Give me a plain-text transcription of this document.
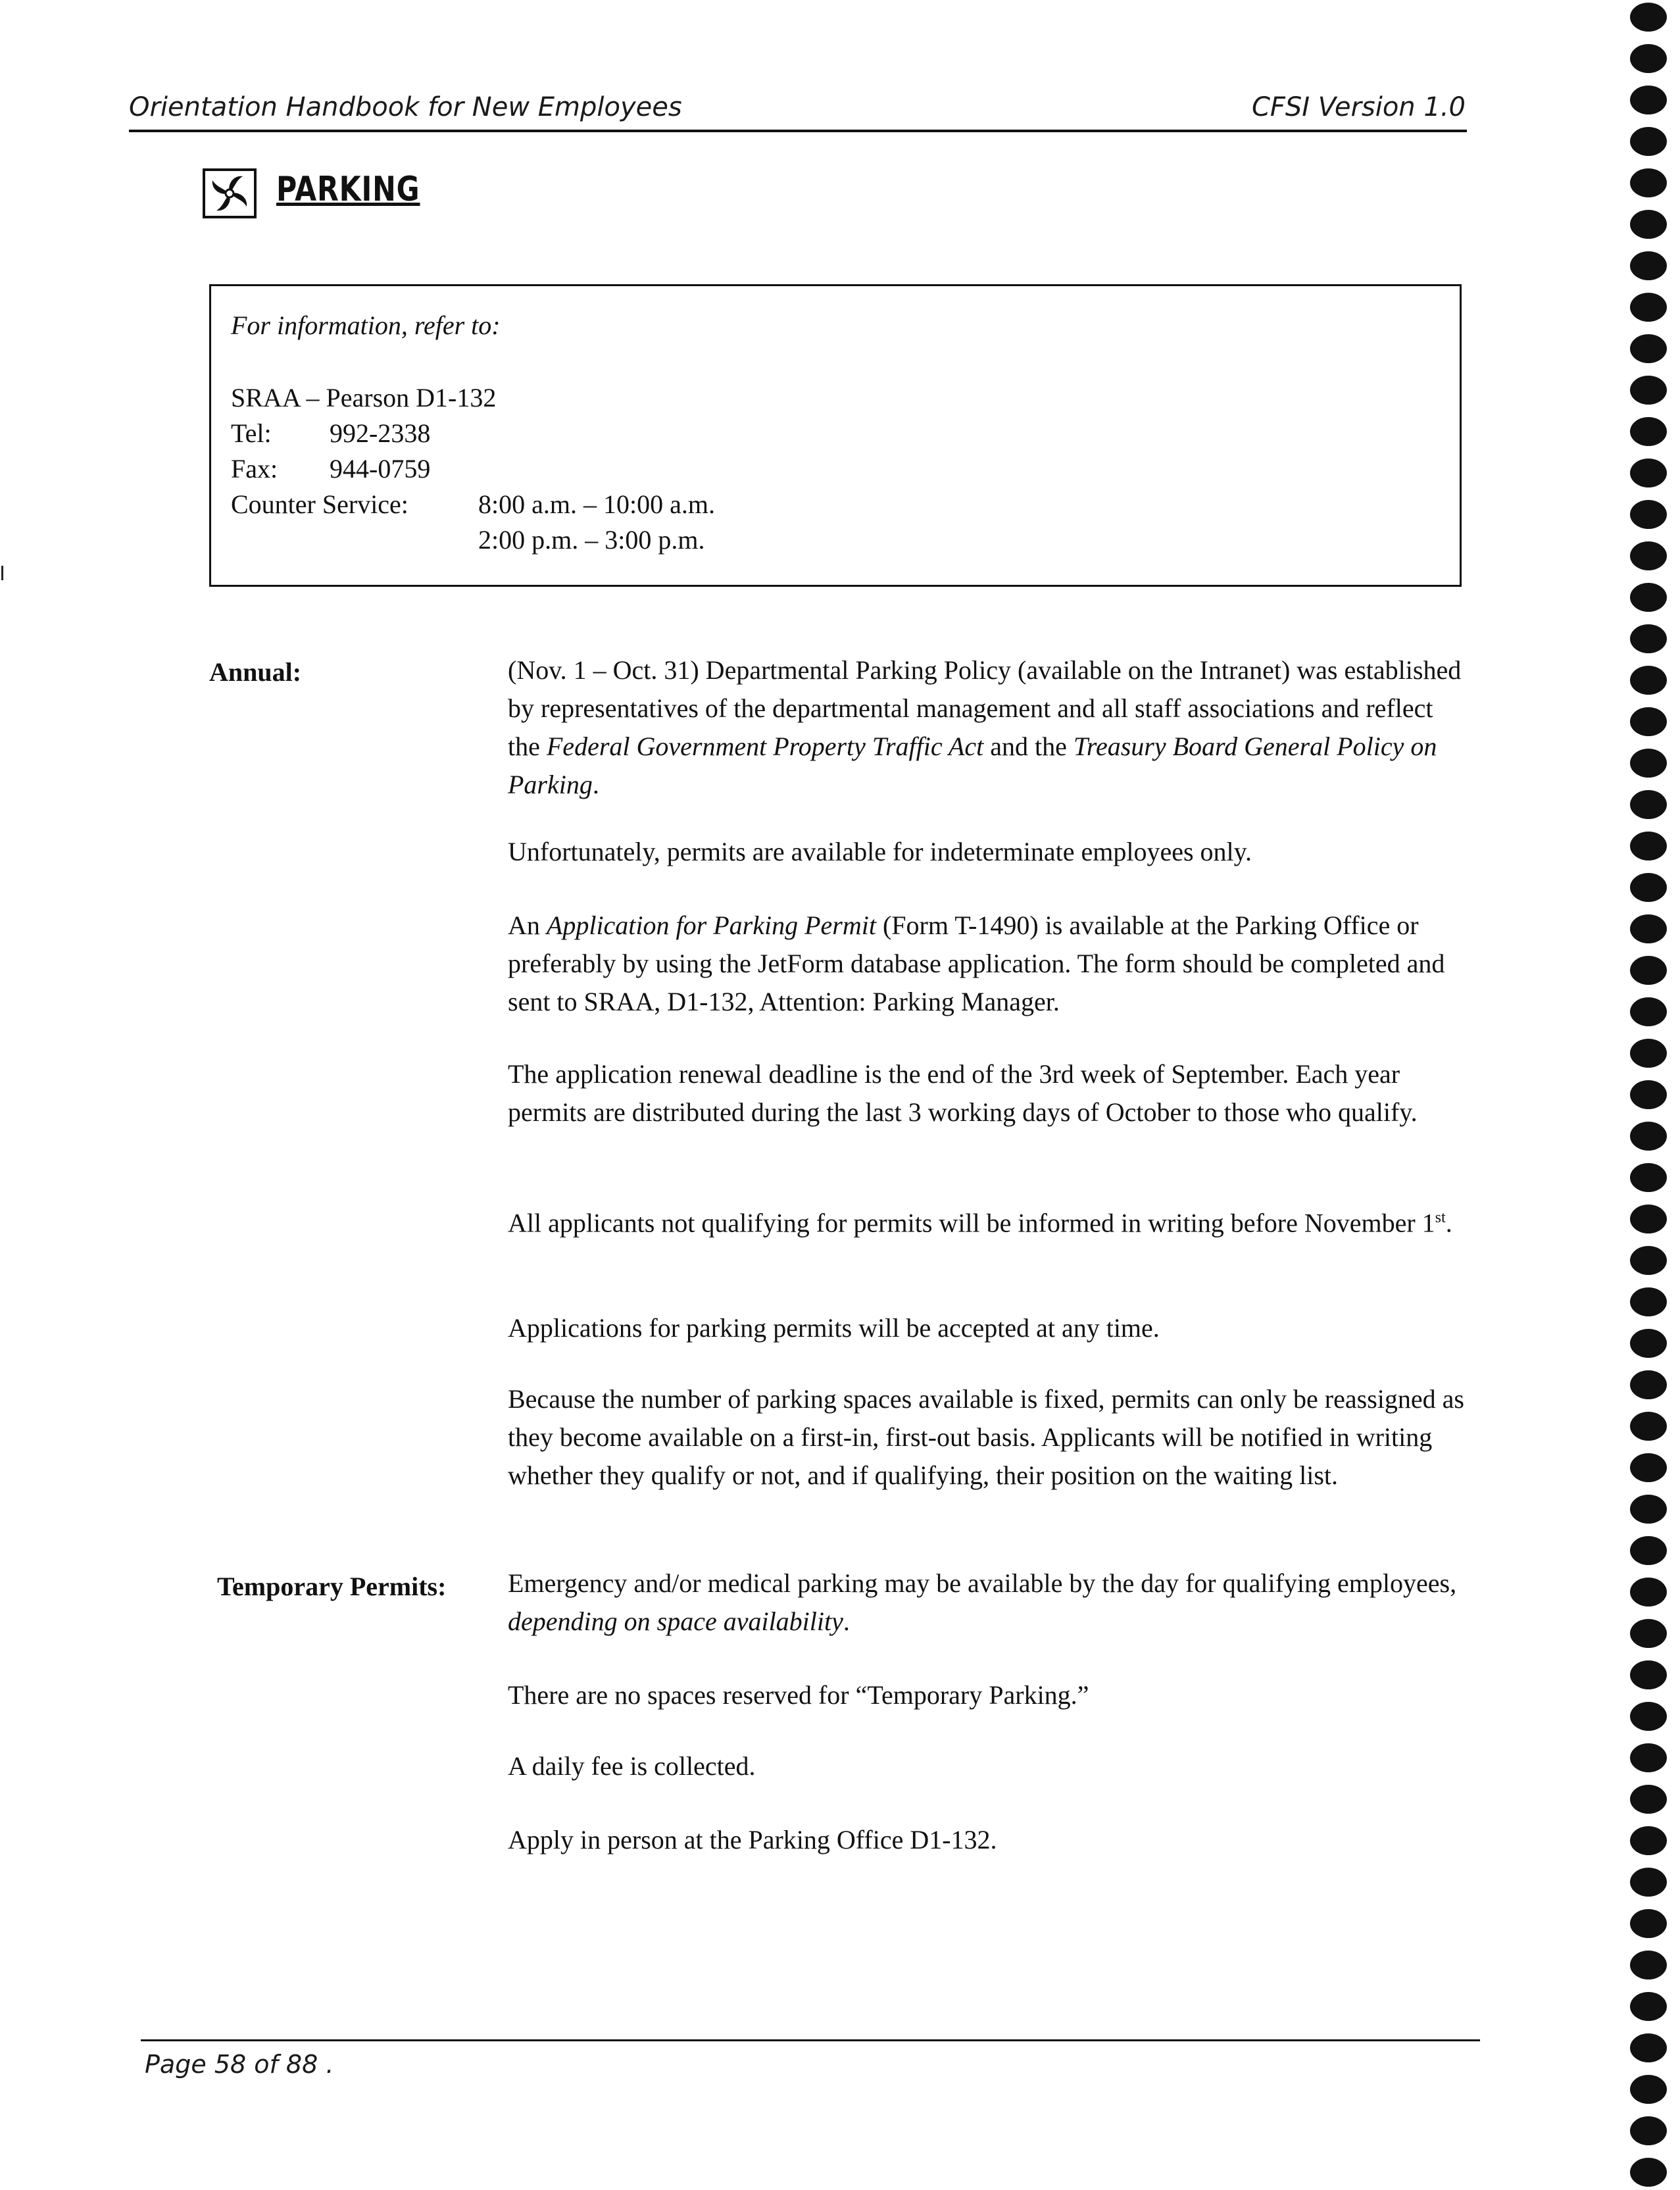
Orientation Handbook for New Employees	CFSI Version 1.0
PARKING
For information, refer to:
SRAA – Pearson D1-132
Tel: 992-2338
Fax: 944-0759
Counter Service:	8:00 a.m. – 10:00 a.m.
2:00 p.m. – 3:00 p.m.
Annual:	(Nov. 1 – Oct. 31) Departmental Parking Policy (available on the Intranet) was established by representatives of the departmental management and all staff associations and reflect the Federal Government Property Traffic Act and the Treasury Board General Policy on Parking.
Unfortunately, permits are available for indeterminate employees only.
An Application for Parking Permit (Form T-1490) is available at the Parking Office or preferably by using the JetForm database application. The form should be completed and sent to SRAA, D1-132, Attention: Parking Manager.
The application renewal deadline is the end of the 3rd week of September. Each year permits are distributed during the last 3 working days of October to those who qualify.
All applicants not qualifying for permits will be informed in writing before November 1st.
Applications for parking permits will be accepted at any time.
Because the number of parking spaces available is fixed, permits can only be reassigned as they become available on a first-in, first-out basis. Applicants will be notified in writing whether they qualify or not, and if qualifying, their position on the waiting list.
Temporary Permits: Emergency and/or medical parking may be available by the day for qualifying employees, depending on space availability.
There are no spaces reserved for “Temporary Parking.”
A daily fee is collected.
Apply in person at the Parking Office D1-132.
Page 58 of 88 .
